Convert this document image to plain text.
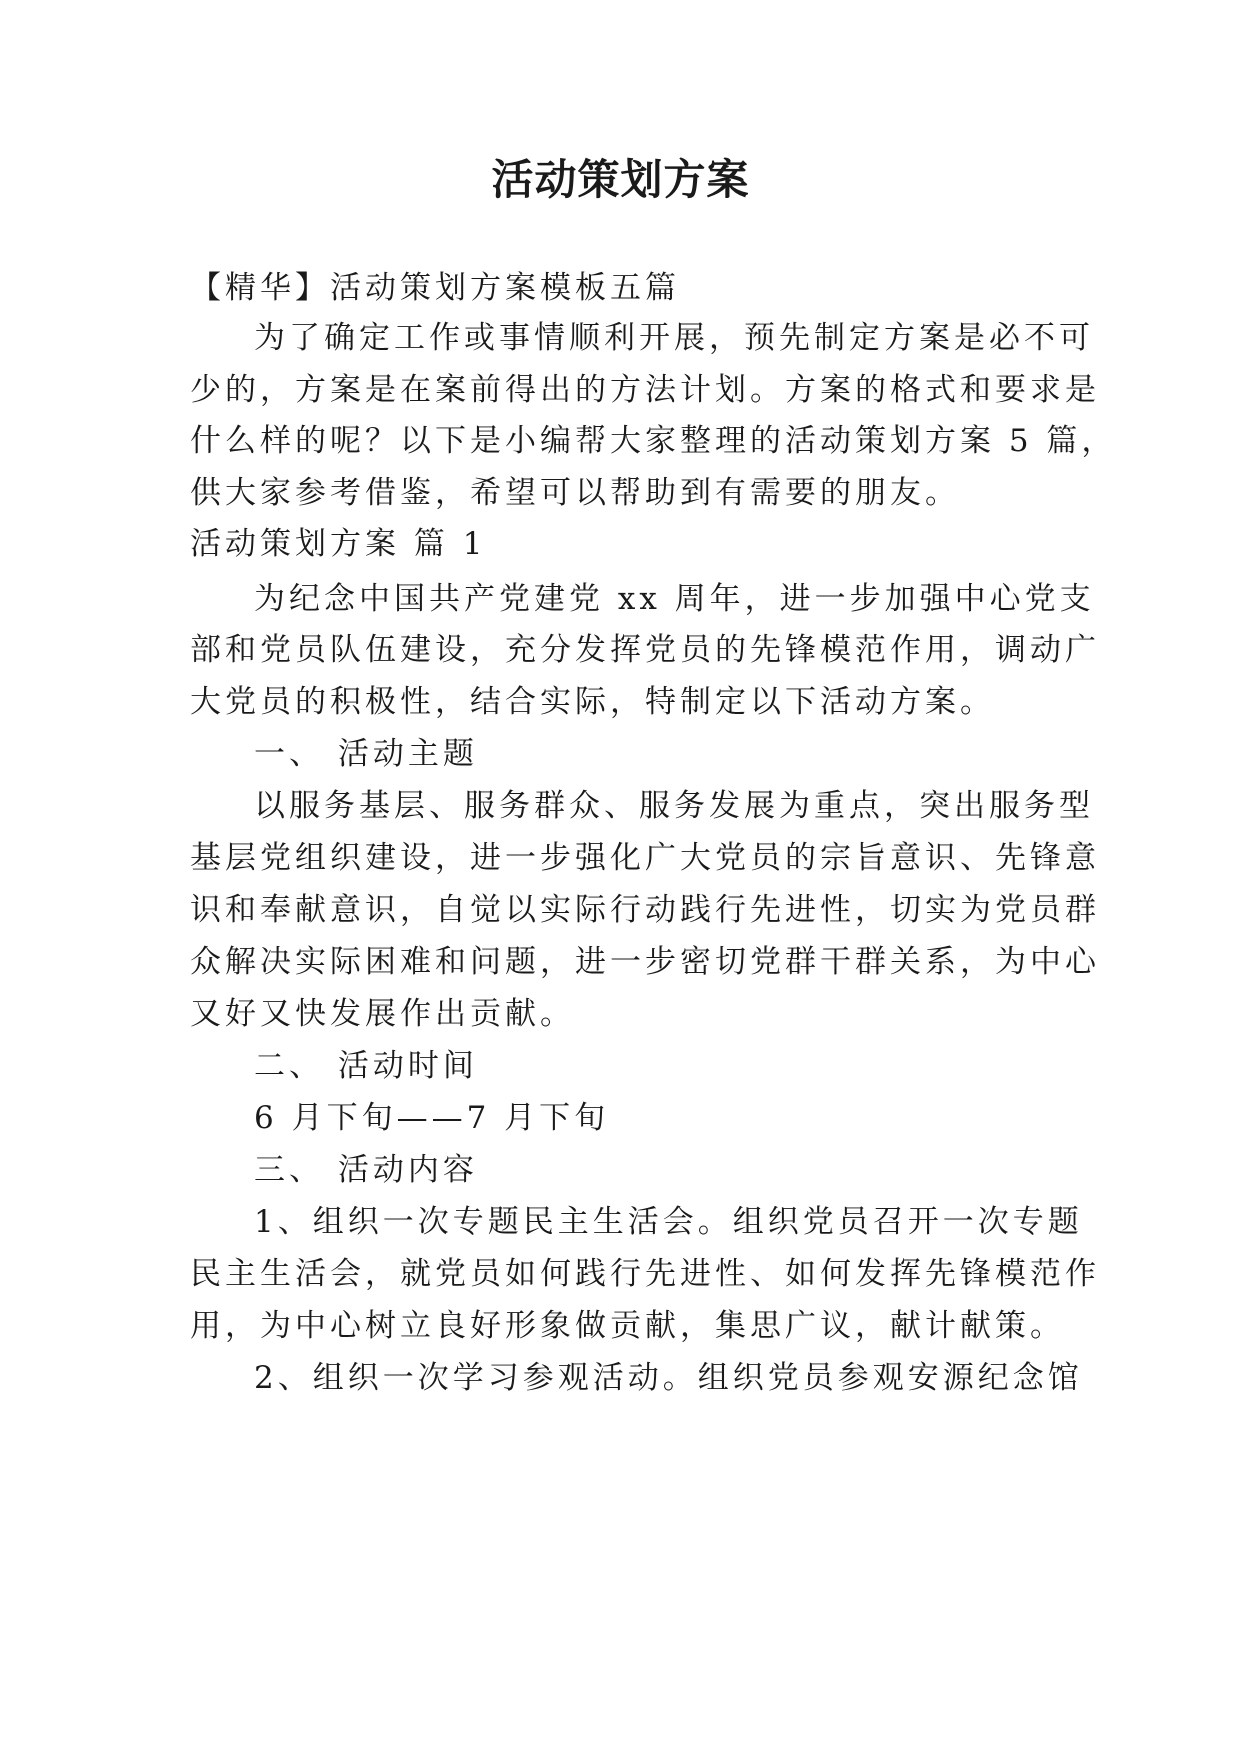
活动策划方案
【精华】活动策划方案模板五篇
为了确定工作或事情顺利开展，预先制定方案是必不可
少的，方案是在案前得出的方法计划。方案的格式和要求是
什么样的呢？以下是小编帮大家整理的活动策划方案 5 篇，
供大家参考借鉴，希望可以帮助到有需要的朋友。
活动策划方案 篇 1
为纪念中国共产党建党 xx 周年，进一步加强中心党支
部和党员队伍建设，充分发挥党员的先锋模范作用，调动广
大党员的积极性，结合实际，特制定以下活动方案。
一、 活动主题
以服务基层、服务群众、服务发展为重点，突出服务型
基层党组织建设，进一步强化广大党员的宗旨意识、先锋意
识和奉献意识，自觉以实际行动践行先进性，切实为党员群
众解决实际困难和问题，进一步密切党群干群关系，为中心
又好又快发展作出贡献。
二、 活动时间
6 月下旬——7 月下旬
三、 活动内容
1、组织一次专题民主生活会。组织党员召开一次专题
民主生活会，就党员如何践行先进性、如何发挥先锋模范作
用，为中心树立良好形象做贡献，集思广议，献计献策。
2、组织一次学习参观活动。组织党员参观安源纪念馆
